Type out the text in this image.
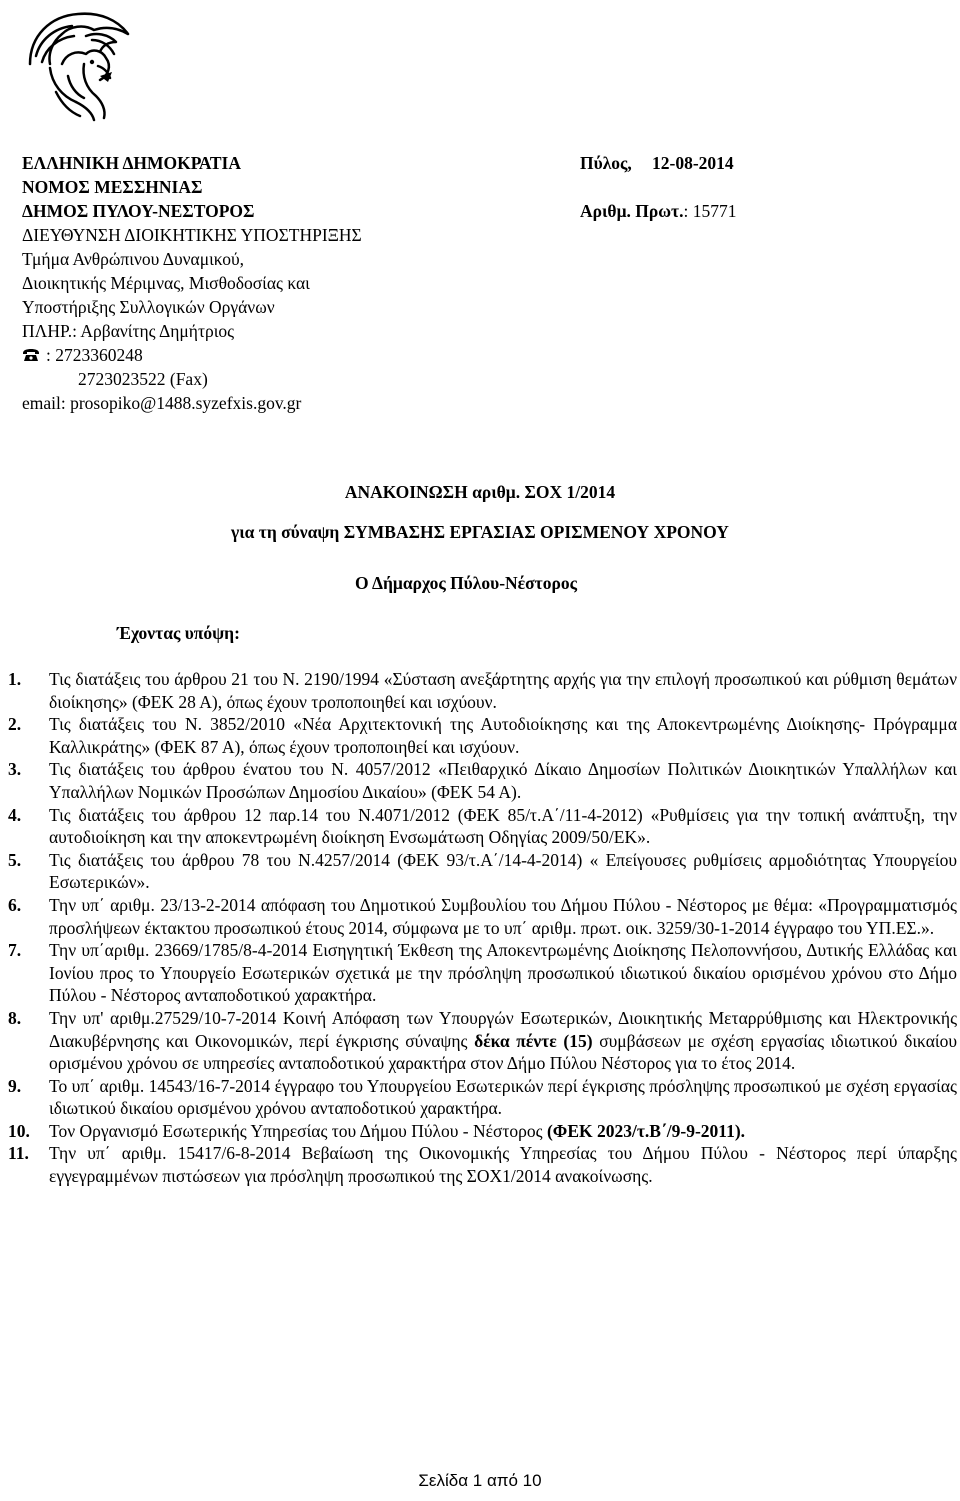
ΕΛΛΗΝΙΚΗ ΔΗΜΟΚΡΑΤΙΑ
ΝΟΜΟΣ ΜΕΣΣΗΝΙΑΣ
ΔΗΜΟΣ ΠΥΛΟΥ-ΝΕΣΤΟΡΟΣ
ΔΙΕΥΘΥΝΣΗ ΔΙΟΙΚΗΤΙΚΗΣ ΥΠΟΣΤΗΡΙΞΗΣ
Τμήμα Ανθρώπινου Δυναμικού,
Διοικητικής Μέριμνας, Μισθοδοσίας και
Υποστήριξης Συλλογικών Οργάνων
ΠΛΗΡ.: Αρβανίτης Δημήτριος
: 2723360248
2723023522 (Fax)
email: prosopiko@1488.syzefxis.gov.gr
Πύλος, 12-08-2014
Αριθμ. Πρωτ.: 15771
ΑΝΑΚΟΙΝΩΣΗ αριθμ. ΣΟΧ 1/2014
για τη σύναψη ΣΥΜΒΑΣΗΣ ΕΡΓΑΣΙΑΣ ΟΡΙΣΜΕΝΟΥ ΧΡΟΝΟΥ
Ο Δήμαρχος Πύλου-Νέστορος
Έχοντας υπόψη:
1.	Τις διατάξεις του άρθρου 21 του Ν. 2190/1994 «Σύσταση ανεξάρτητης αρχής για την επιλογή προσωπικού και ρύθμιση θεμάτων διοίκησης» (ΦΕΚ 28 Α), όπως έχουν τροποποιηθεί και ισχύουν.
2.	Τις διατάξεις του Ν. 3852/2010 «Νέα Αρχιτεκτονική της Αυτοδιοίκησης και της Αποκεντρωμένης Διοίκησης- Πρόγραμμα Καλλικράτης» (ΦΕΚ 87 Α), όπως έχουν τροποποιηθεί και ισχύουν.
3.	Τις διατάξεις του άρθρου ένατου του Ν. 4057/2012 «Πειθαρχικό Δίκαιο Δημοσίων Πολιτικών Διοικητικών Υπαλλήλων και Υπαλλήλων Νομικών Προσώπων Δημοσίου Δικαίου» (ΦΕΚ 54 Α).
4.	Τις διατάξεις του άρθρου 12 παρ.14 του Ν.4071/2012 (ΦΕΚ 85/τ.Α΄/11-4-2012) «Ρυθμίσεις για την τοπική ανάπτυξη, την αυτοδιοίκηση και την αποκεντρωμένη διοίκηση Ενσωμάτωση Οδηγίας 2009/50/ΕΚ».
5.	Τις διατάξεις του άρθρου 78 του Ν.4257/2014 (ΦΕΚ 93/τ.Α΄/14-4-2014) « Επείγουσες ρυθμίσεις αρμοδιότητας Υπουργείου Εσωτερικών».
6.	Την υπ΄ αριθμ. 23/13-2-2014 απόφαση του Δημοτικού Συμβουλίου του Δήμου Πύλου - Νέστορος με θέμα: «Προγραμματισμός προσλήψεων έκτακτου προσωπικού έτους 2014, σύμφωνα με το υπ΄ αριθμ. πρωτ. οικ. 3259/30-1-2014 έγγραφο του ΥΠ.ΕΣ.».
7.	Την υπ΄αριθμ. 23669/1785/8-4-2014 Εισηγητική Έκθεση της Αποκεντρωμένης Διοίκησης Πελοποννήσου, Δυτικής Ελλάδας και Ιονίου προς το Υπουργείο Εσωτερικών σχετικά με την πρόσληψη προσωπικού ιδιωτικού δικαίου ορισμένου χρόνου στο Δήμο Πύλου - Νέστορος ανταποδοτικού χαρακτήρα.
8.	Την υπ' αριθμ.27529/10-7-2014 Κοινή Απόφαση των Υπουργών Εσωτερικών, Διοικητικής Μεταρρύθμισης και Ηλεκτρονικής Διακυβέρνησης και Οικονομικών, περί έγκρισης σύναψης δέκα πέντε (15) συμβάσεων με σχέση εργασίας ιδιωτικού δικαίου ορισμένου χρόνου σε υπηρεσίες ανταποδοτικού χαρακτήρα στον Δήμο Πύλου Νέστορος για το έτος 2014.
9.	Το υπ΄ αριθμ. 14543/16-7-2014 έγγραφο του Υπουργείου Εσωτερικών περί έγκρισης πρόσληψης προσωπικού με σχέση εργασίας ιδιωτικού δικαίου ορισμένου χρόνου ανταποδοτικού χαρακτήρα.
10.	Τον Οργανισμό Εσωτερικής Υπηρεσίας του Δήμου Πύλου - Νέστορος (ΦΕΚ 2023/τ.Β΄/9-9-2011).
11.	Την υπ΄ αριθμ. 15417/6-8-2014 Βεβαίωση της Οικονομικής Υπηρεσίας του Δήμου Πύλου - Νέστορος περί ύπαρξης εγγεγραμμένων πιστώσεων για πρόσληψη προσωπικού της ΣΟΧ1/2014 ανακοίνωσης.
Σελίδα 1 από 10
